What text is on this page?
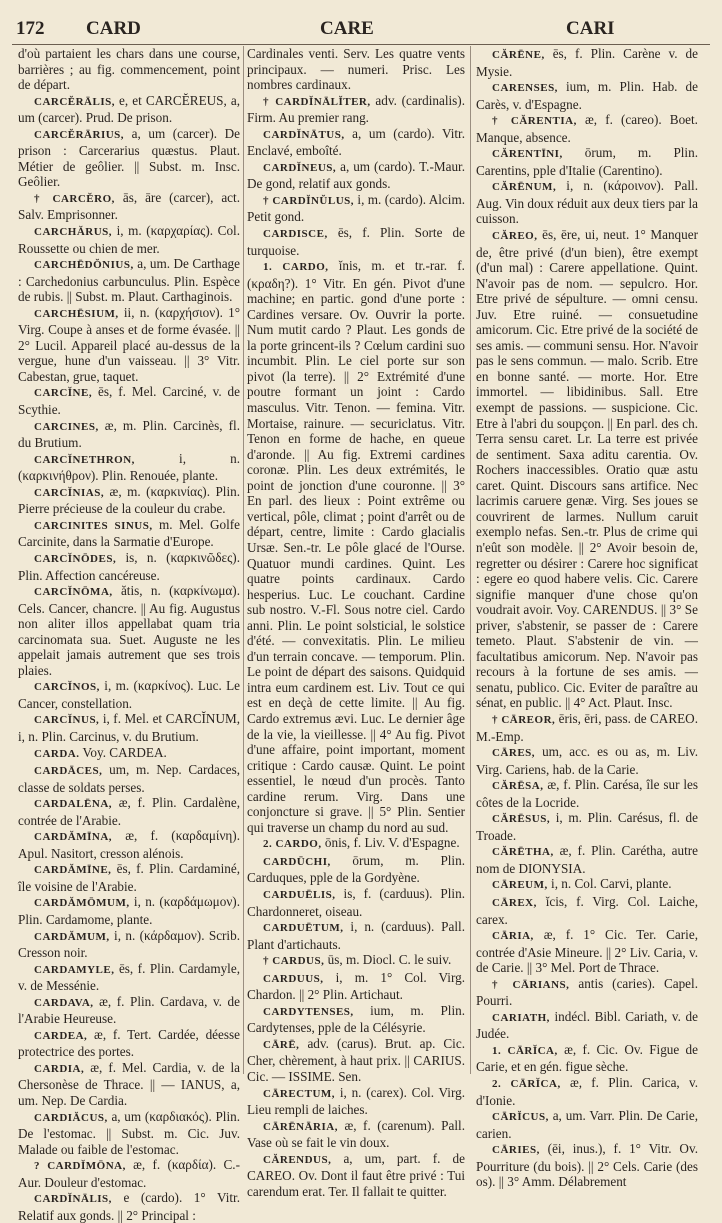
172 CARD	CARE	CARI

d'où partaient les chars dans une course, barrières ; au fig. commencement, point de départ.

CARCĔRĀLIS, e, et CARCĔREUS, a, um (carcer). Prud. De prison.

CARCĔRĀRIUS, a, um (carcer). De prison : Carcerarius quæstus. Plaut. Métier de geôlier. || Subst. m. Insc. Geôlier.

† CARCĔRO, ās, āre (carcer), act. Salv. Emprisonner.

CARCHĂRUS, i, m. (καρχαρίας). Col. Roussette ou chien de mer.

CARCHĒDŎNIUS, a, um. De Carthage : Carchedonius carbunculus. Plin. Espèce de rubis. || Subst. m. Plaut. Carthaginois.

CARCHĒSIUM, ii, n. (καρχήσιον). 1° Virg. Coupe à anses et de forme évasée. || 2° Lucil. Appareil placé au-dessus de la vergue, hune d'un vaisseau. || 3° Vitr. Cabestan, grue, taquet.

CARCĬNE, ēs, f. Mel. Carciné, v. de Scythie.

CARCINES, æ, m. Plin. Carcinès, fl. du Brutium.

CARCĬNETHRON, i, n. (καρκινήθρον). Plin. Renouée, plante.

CARCĬNIAS, æ, m. (καρκινίας). Plin. Pierre précieuse de la couleur du crabe.

CARCINITES SINUS, m. Mel. Golfe Carcinite, dans la Sarmatie d'Europe.

CARCĬNŌDES, is, n. (καρκινῶδες). Plin. Affection cancéreuse.

CARCĬNŌMA, ătis, n. (καρκίνωμα). Cels. Cancer, chancre. || Au fig. Augustus non aliter illos appellabat quam tria carcinomata sua. Suet. Auguste ne les appelait jamais autrement que ses trois plaies.

CARCĬNOS, i, m. (καρκίνος). Luc. Le Cancer, constellation.

CARCĬNUS, i, f. Mel. et CARCĬNUM, i, n. Plin. Carcinus, v. du Brutium.

CARDA. Voy. CARDEA.

CARDĀCES, um, m. Nep. Cardaces, classe de soldats perses.

CARDALĒNA, æ, f. Plin. Cardalène, contrée de l'Arabie.

CARDĂMĪNA, æ, f. (καρδαμίνη). Apul. Nasitort, cresson alénois.

CARDĂMĪNE, ēs, f. Plin. Cardaminé, île voisine de l'Arabie.

CARDĂMŌMUM, i, n. (καρδάμωμον). Plin. Cardamome, plante.

CARDĂMUM, i, n. (κάρδαμον). Scrib. Cresson noir.

CARDAMYLE, ēs, f. Plin. Cardamyle, v. de Messénie.

CARDAVA, æ, f. Plin. Cardava, v. de l'Arabie Heureuse.

CARDEA, æ, f. Tert. Cardée, déesse protectrice des portes.

CARDIA, æ, f. Mel. Cardia, v. de la Chersonèse de Thrace. || — IANUS, a, um. Nep. De Cardia.

CARDIĂCUS, a, um (καρδιακός). Plin. De l'estomac. || Subst. m. Cic. Juv. Malade ou faible de l'estomac.

? CARDĬMŌNA, æ, f. (καρδία). C.-Aur. Douleur d'estomac.

CARDĬNĀLIS, e (cardo). 1° Vitr. Relatif aux gonds. || 2° Principal :

Cardinales venti. Serv. Les quatre vents principaux. — numeri. Prisc. Les nombres cardinaux.

† CARDĬNĀLĬTER, adv. (cardinalis). Firm. Au premier rang.

CARDĬNĀTUS, a, um (cardo). Vitr. Enclavé, emboîté.

CARDĬNEUS, a, um (cardo). T.-Maur. De gond, relatif aux gonds.

† CARDĬNŬLUS, i, m. (cardo). Alcim. Petit gond.

CARDISCE, ēs, f. Plin. Sorte de turquoise.

1. CARDO, ĭnis, m. et tr.-rar. f. (κραδη?). 1° Vitr. En gén. Pivot d'une machine; en partic. gond d'une porte : Cardines versare. Ov. Ouvrir la porte. Num mutit cardo ? Plaut. Les gonds de la porte grincent-ils ? Cœlum cardini suo incumbit. Plin. Le ciel porte sur son pivot (la terre). || 2° Extrémité d'une poutre formant un joint : Cardo masculus. Vitr. Tenon. — femina. Vitr. Mortaise, rainure. — securiclatus. Vitr. Tenon en forme de hache, en queue d'aronde. || Au fig. Extremi cardines coronæ. Plin. Les deux extrémités, le point de jonction d'une couronne. || 3° En parl. des lieux : Point extrême ou vertical, pôle, climat ; point d'arrêt ou de départ, centre, limite : Cardo glacialis Ursæ. Sen.-tr. Le pôle glacé de l'Ourse. Quatuor mundi cardines. Quint. Les quatre points cardinaux. Cardo hesperius. Luc. Le couchant. Cardine sub nostro. V.-Fl. Sous notre ciel. Cardo anni. Plin. Le point solsticial, le solstice d'été. — convexitatis. Plin. Le milieu d'un terrain concave. — temporum. Plin. Le point de départ des saisons. Quidquid intra eum cardinem est. Liv. Tout ce qui est en deçà de cette limite. || Au fig. Cardo extremus ævi. Luc. Le dernier âge de la vie, la vieillesse. || 4° Au fig. Pivot d'une affaire, point important, moment critique : Cardo causæ. Quint. Le point essentiel, le nœud d'un procès. Tanto cardine rerum. Virg. Dans une conjoncture si grave. || 5° Plin. Sentier qui traverse un champ du nord au sud.

2. CARDO, ōnis, f. Liv. V. d'Espagne.

CARDŪCHI, ōrum, m. Plin. Carduques, pple de la Gordyène.

CARDUĒLIS, is, f. (carduus). Plin. Chardonneret, oiseau.

CARDUĒTUM, i, n. (carduus). Pall. Plant d'artichauts.

† CARDUS, ūs, m. Diocl. C. le suiv.

CARDUUS, i, m. 1° Col. Virg. Chardon. || 2° Plin. Artichaut.

CARDYTENSES, ium, m. Plin. Cardytenses, pple de la Célésyrie.

CĀRĒ, adv. (carus). Brut. ap. Cic. Cher, chèrement, à haut prix. || CARIUS. Cic. — ISSIME. Sen.

CĀRECTUM, i, n. (carex). Col. Virg. Lieu rempli de laiches.

CĀRĒNĀRIA, æ, f. (carenum). Pall. Vase où se fait le vin doux.

CĂRENDUS, a, um, part. f. de CAREO. Ov. Dont il faut être privé : Tui carendum erat. Ter. Il fallait te quitter.

CĂRĒNE, ēs, f. Plin. Carène v. de Mysie.

CARENSES, ium, m. Plin. Hab. de Carès, v. d'Espagne.

† CĂRENTIA, æ, f. (careo). Boet. Manque, absence.

CĂRENTĪNI, ōrum, m. Plin. Carentins, pple d'Italie (Carentino).

CĂRĒNUM, i, n. (κάροινον). Pall. Aug. Vin doux réduit aux deux tiers par la cuisson.

CĂREO, ēs, ēre, ui, neut. 1° Manquer de, être privé (d'un bien), être exempt (d'un mal) : Carere appellatione. Quint. N'avoir pas de nom. — sepulcro. Hor. Etre privé de sépulture. — omni censu. Juv. Etre ruiné. — consuetudine amicorum. Cic. Etre privé de la société de ses amis. — communi sensu. Hor. N'avoir pas le sens commun. — malo. Scrib. Etre en bonne santé. — morte. Hor. Etre immortel. — libidinibus. Sall. Etre exempt de passions. — suspicione. Cic. Etre à l'abri du soupçon. || En parl. des ch. Terra sensu caret. Lr. La terre est privée de sentiment. Saxa aditu carentia. Ov. Rochers inaccessibles. Oratio quæ astu caret. Quint. Discours sans artifice. Nec lacrimis caruere genæ. Virg. Ses joues se couvrirent de larmes. Nullum caruit exemplo nefas. Sen.-tr. Plus de crime qui n'eût son modèle. || 2° Avoir besoin de, regretter ou désirer : Carere hoc significat : egere eo quod habere velis. Cic. Carere signifie manquer d'une chose qu'on voudrait avoir. Voy. CARENDUS. || 3° Se priver, s'abstenir, se passer de : Carere temeto. Plaut. S'abstenir de vin. — facultatibus amicorum. Nep. N'avoir pas recours à la fortune de ses amis. — senatu, publico. Cic. Eviter de paraître au sénat, en public. || 4° Act. Plaut. Insc.

† CĀREOR, ēris, ēri, pass. de CAREO. M.-Emp.

CĀRES, um, acc. es ou as, m. Liv. Virg. Cariens, hab. de la Carie.

CĂRĒSA, æ, f. Plin. Carésa, île sur les côtes de la Locride.

CĂRĒSUS, i, m. Plin. Carésus, fl. de Troade.

CĂRĒTHA, æ, f. Plin. Carétha, autre nom de DIONYSIA.

CĀREUM, i, n. Col. Carvi, plante.

CĀREX, ĭcis, f. Virg. Col. Laiche, carex.

CĀRIA, æ, f. 1° Cic. Ter. Carie, contrée d'Asie Mineure. || 2° Liv. Caria, v. de Carie. || 3° Mel. Port de Thrace.

† CĀRIANS, antis (caries). Capel. Pourri.

CARIATH, indécl. Bibl. Cariath, v. de Judée.

1. CĀRĬCA, æ, f. Cic. Ov. Figue de Carie, et en gén. figue sèche.

2. CĀRĬCA, æ, f. Plin. Carica, v. d'Ionie.

CĀRĬCUS, a, um. Varr. Plin. De Carie, carien.

CĀRIES, (ēi, inus.), f. 1° Vitr. Ov. Pourriture (du bois). || 2° Cels. Carie (des os). || 3° Amm. Délabrement
